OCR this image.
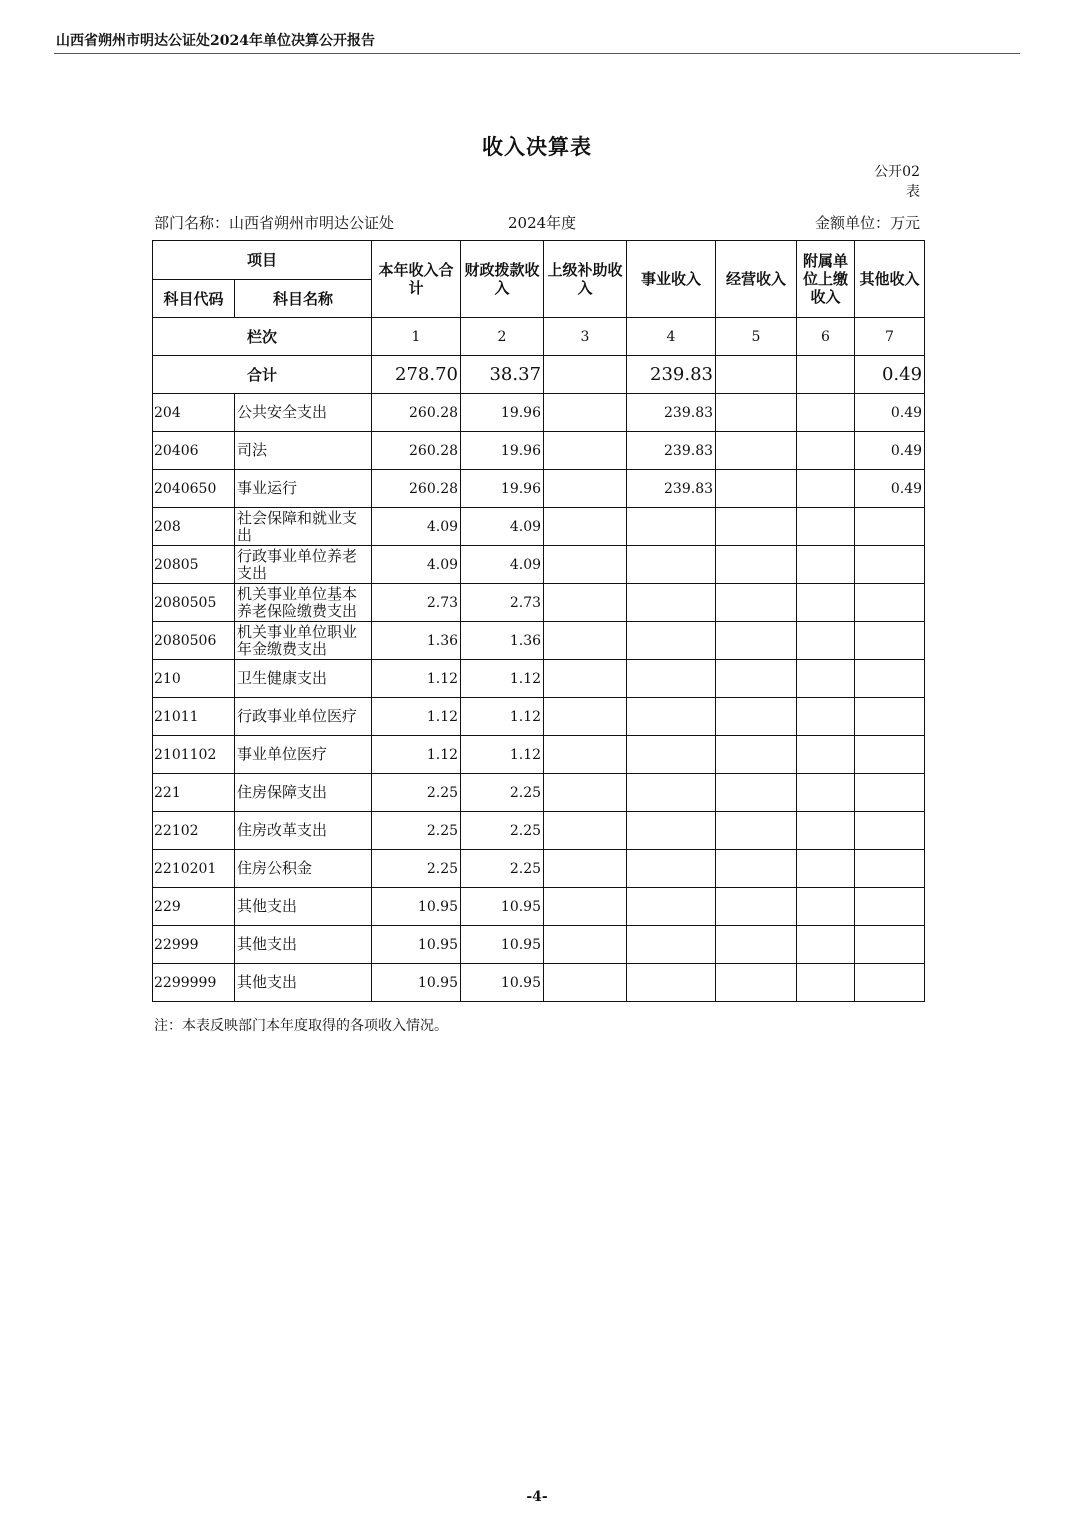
山西省朔州市明达公证处2024年单位决算公开报告
收入决算表
公开02
表
部门名称：山西省朔州市明达公证处	2024年度	金额单位：万元
项目		本年收入合计	财政拨款收入	上级补助收入	事业收入	经营收入	附属单位上缴收入	其他收入
科目代码	科目名称							
栏次		1	2	3	4	5	6	7
合计		278.70	38.37		239.83			0.49
204	公共安全支出	260.28	19.96		239.83			0.49
20406	司法	260.28	19.96		239.83			0.49
2040650	事业运行	260.28	19.96		239.83			0.49
208	社会保障和就业支出	4.09	4.09					
20805	行政事业单位养老支出	4.09	4.09					
2080505	机关事业单位基本养老保险缴费支出	2.73	2.73					
2080506	机关事业单位职业年金缴费支出	1.36	1.36					
210	卫生健康支出	1.12	1.12					
21011	行政事业单位医疗	1.12	1.12					
2101102	事业单位医疗	1.12	1.12					
221	住房保障支出	2.25	2.25					
22102	住房改革支出	2.25	2.25					
2210201	住房公积金	2.25	2.25					
229	其他支出	10.95	10.95					
22999	其他支出	10.95	10.95					
2299999	其他支出	10.95	10.95					
注：本表反映部门本年度取得的各项收入情况。
-4-
